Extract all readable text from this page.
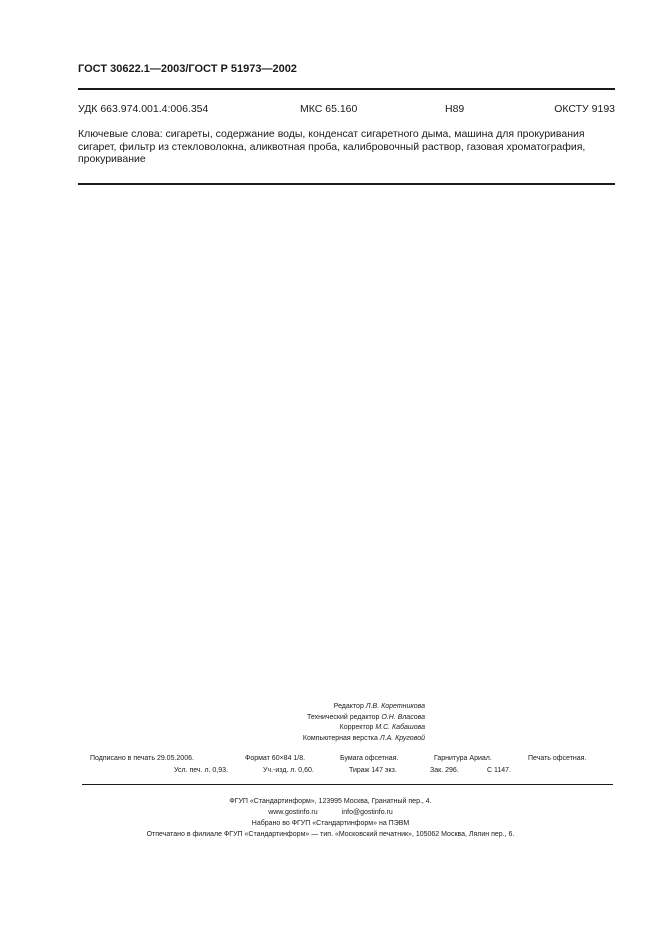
ГОСТ 30622.1—2003/ГОСТ Р 51973—2002
УДК 663.974.001.4:006.354	МКС 65.160	Н89	ОКСТУ 9193
Ключевые слова: сигареты, содержание воды, конденсат сигаретного дыма, машина для прокуривания сигарет, фильтр из стекловолокна, аликвотная проба, калибровочный раствор, газовая хроматография, прокуривание
Редактор Л.В. Коретникова
Технический редактор О.Н. Власова
Корректор М.С. Кабашова
Компьютерная верстка Л.А. Круговой
Подписано в печать 29.05.2006.	Формат 60×84 1/8.	Бумага офсетная.	Гарнитура Ариал.	Печать офсетная.
Усл. печ. л. 0,93.	Уч.-изд. л. 0,60.	Тираж 147 экз.	Зак. 296.	С 1147.
ФГУП «Стандартинформ», 123995 Москва, Гранатный пер., 4.
www.gostinfo.ru	info@gostinfo.ru
Набрано во ФГУП «Стандартинформ» на ПЭВМ
Отпечатано в филиале ФГУП «Стандартинформ» — тип. «Московский печатник», 105062 Москва, Лялин пер., 6.
